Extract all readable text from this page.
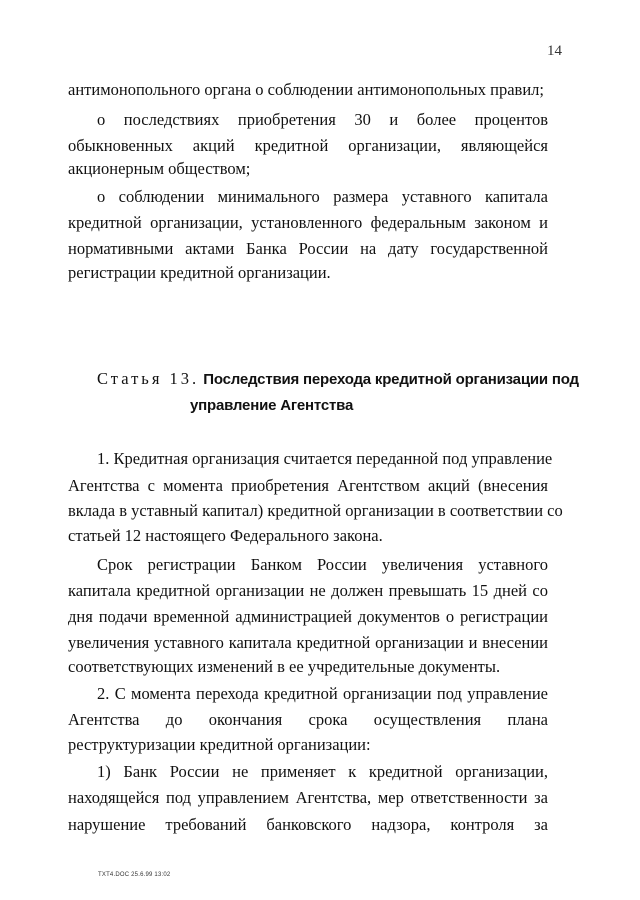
14
антимонопольного органа о соблюдении антимонопольных правил;
о последствиях приобретения 30 и более процентов
обыкновенных акций кредитной организации, являющейся
акционерным обществом;
о соблюдении минимального размера уставного капитала
кредитной организации, установленного федеральным законом и
нормативными актами Банка России на дату государственной
регистрации кредитной организации.
Статья 13. Последствия перехода кредитной организации под
управление Агентства
1. Кредитная организация считается переданной под управление
Агентства с момента приобретения Агентством акций (внесения
вклада в уставный капитал) кредитной организации в соответствии со
статьей 12 настоящего Федерального закона.
Срок регистрации Банком России увеличения уставного
капитала кредитной организации не должен превышать 15 дней со
дня подачи временной администрацией документов о регистрации
увеличения уставного капитала кредитной организации и внесении
соответствующих изменений в ее учредительные документы.
2. С момента перехода кредитной организации под управление
Агентства до окончания срока осуществления плана
реструктуризации кредитной организации:
1) Банк России не применяет к кредитной организации,
находящейся под управлением Агентства, мер ответственности за
нарушение требований банковского надзора, контроля за
TXT4.DOC 25.6.99 13:02
